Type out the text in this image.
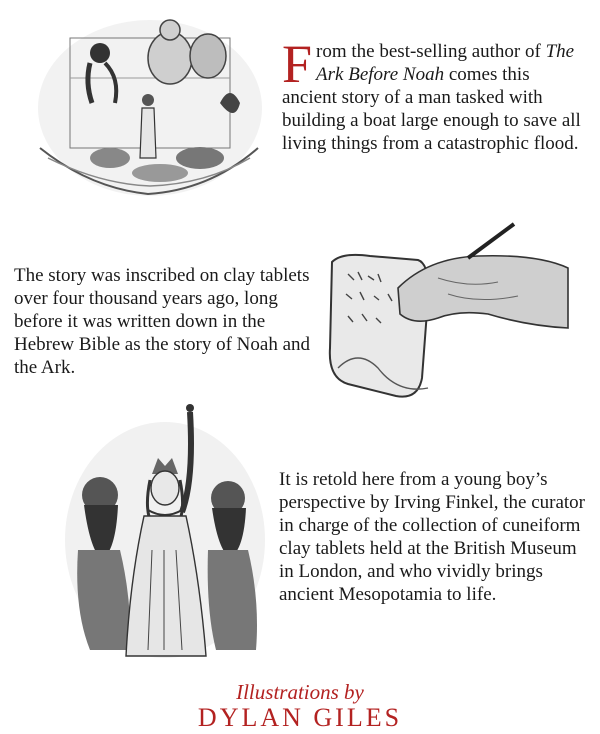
From the best-selling author of The Ark Before Noah comes this ancient story of a man tasked with building a boat large enough to save all living things from a catastrophic flood.

The story was inscribed on clay tablets over four thousand years ago, long before it was written down in the Hebrew Bible as the story of Noah and the Ark.

It is retold here from a young boy’s perspective by Irving Finkel, the curator in charge of the collection of cuneiform clay tablets held at the British Museum in London, and who vividly brings ancient Mesopotamia to life.

Illustrations by
DYLAN GILES
